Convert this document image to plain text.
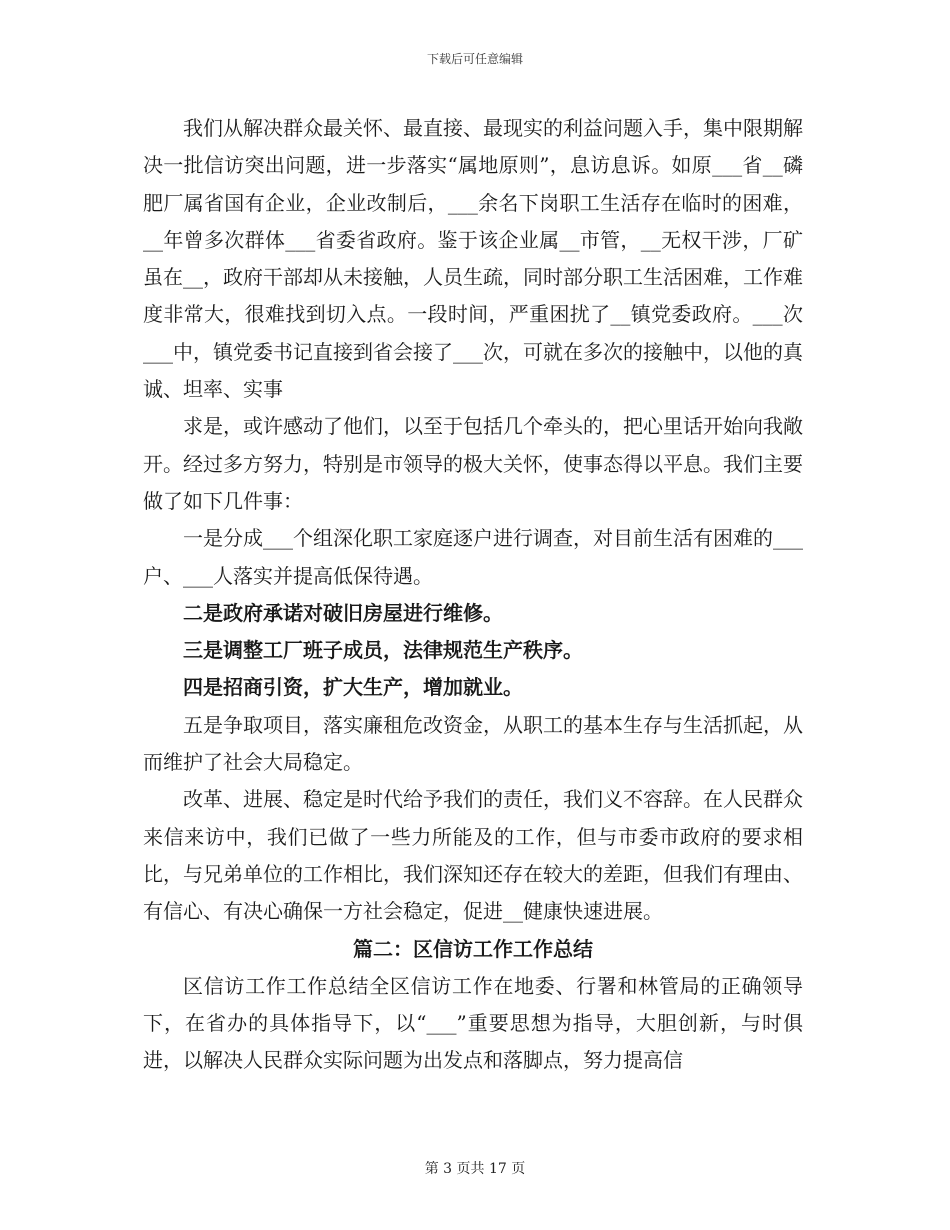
下载后可任意编辑

我们从解决群众最关怀、最直接、最现实的利益问题入手，集中限期解决一批信访突出问题，进一步落实“属地原则”，息访息诉。如原___省__磷肥厂属省国有企业，企业改制后，___余名下岗职工生活存在临时的困难，__年曾多次群体___省委省政府。鉴于该企业属__市管，__无权干涉，厂矿虽在__，政府干部却从未接触，人员生疏，同时部分职工生活困难，工作难度非常大，很难找到切入点。一段时间，严重困扰了__镇党委政府。___次___中，镇党委书记直接到省会接了___次，可就在多次的接触中，以他的真诚、坦率、实事

求是，或许感动了他们，以至于包括几个牵头的，把心里话开始向我敞开。经过多方努力，特别是市领导的极大关怀，使事态得以平息。我们主要做了如下几件事：

一是分成___个组深化职工家庭逐户进行调查，对目前生活有困难的___户、___人落实并提高低保待遇。

二是政府承诺对破旧房屋进行维修。

三是调整工厂班子成员，法律规范生产秩序。

四是招商引资，扩大生产，增加就业。

五是争取项目，落实廉租危改资金，从职工的基本生存与生活抓起，从而维护了社会大局稳定。

改革、进展、稳定是时代给予我们的责任，我们义不容辞。在人民群众来信来访中，我们已做了一些力所能及的工作，但与市委市政府的要求相比，与兄弟单位的工作相比，我们深知还存在较大的差距，但我们有理由、有信心、有决心确保一方社会稳定，促进__健康快速进展。

篇二：区信访工作工作总结

区信访工作工作总结全区信访工作在地委、行署和林管局的正确领导下，在省办的具体指导下，以“___”重要思想为指导，大胆创新，与时俱进，以解决人民群众实际问题为出发点和落脚点，努力提高信

第 3 页共 17 页
